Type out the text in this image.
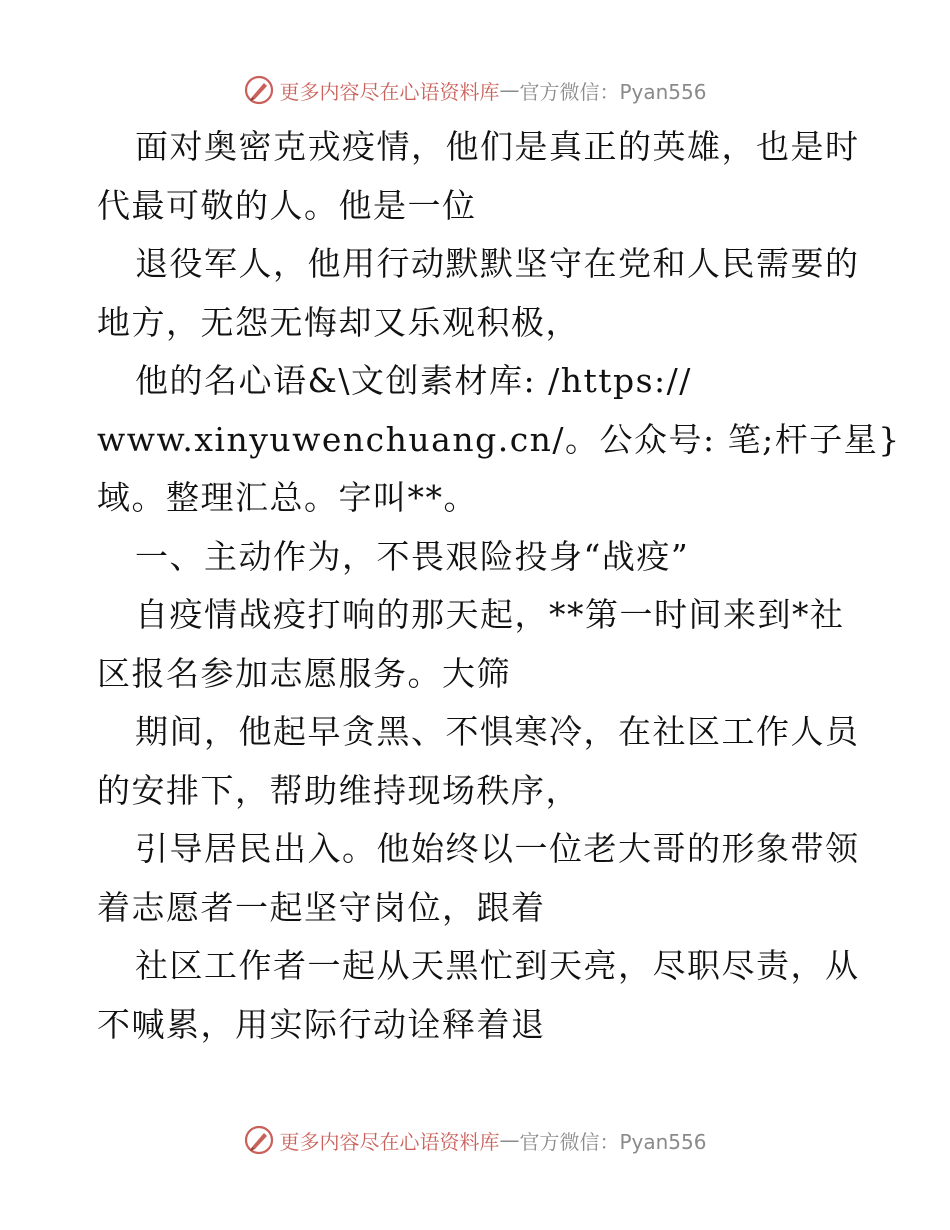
更多内容尽在心语资料库 — 官方微信：Pyan556
面对奥密克戎疫情，他们是真正的英雄，也是时
代最可敬的人。他是一位
退役军人，他用行动默默坚守在党和人民需要的
地方，无怨无悔却又乐观积极，
他的名心语&\文创素材库: /https://
www.xinyuwenchuang.cn/。公众号: 笔;杆子星}
域。整理汇总。字叫**。
一、主动作为，不畏艰险投身“战疫”
自疫情战疫打响的那天起，**第一时间来到*社
区报名参加志愿服务。大筛
期间，他起早贪黑、不惧寒冷，在社区工作人员
的安排下，帮助维持现场秩序，
引导居民出入。他始终以一位老大哥的形象带领
着志愿者一起坚守岗位，跟着
社区工作者一起从天黑忙到天亮，尽职尽责，从
不喊累，用实际行动诠释着退
更多内容尽在心语资料库 — 官方微信：Pyan556
